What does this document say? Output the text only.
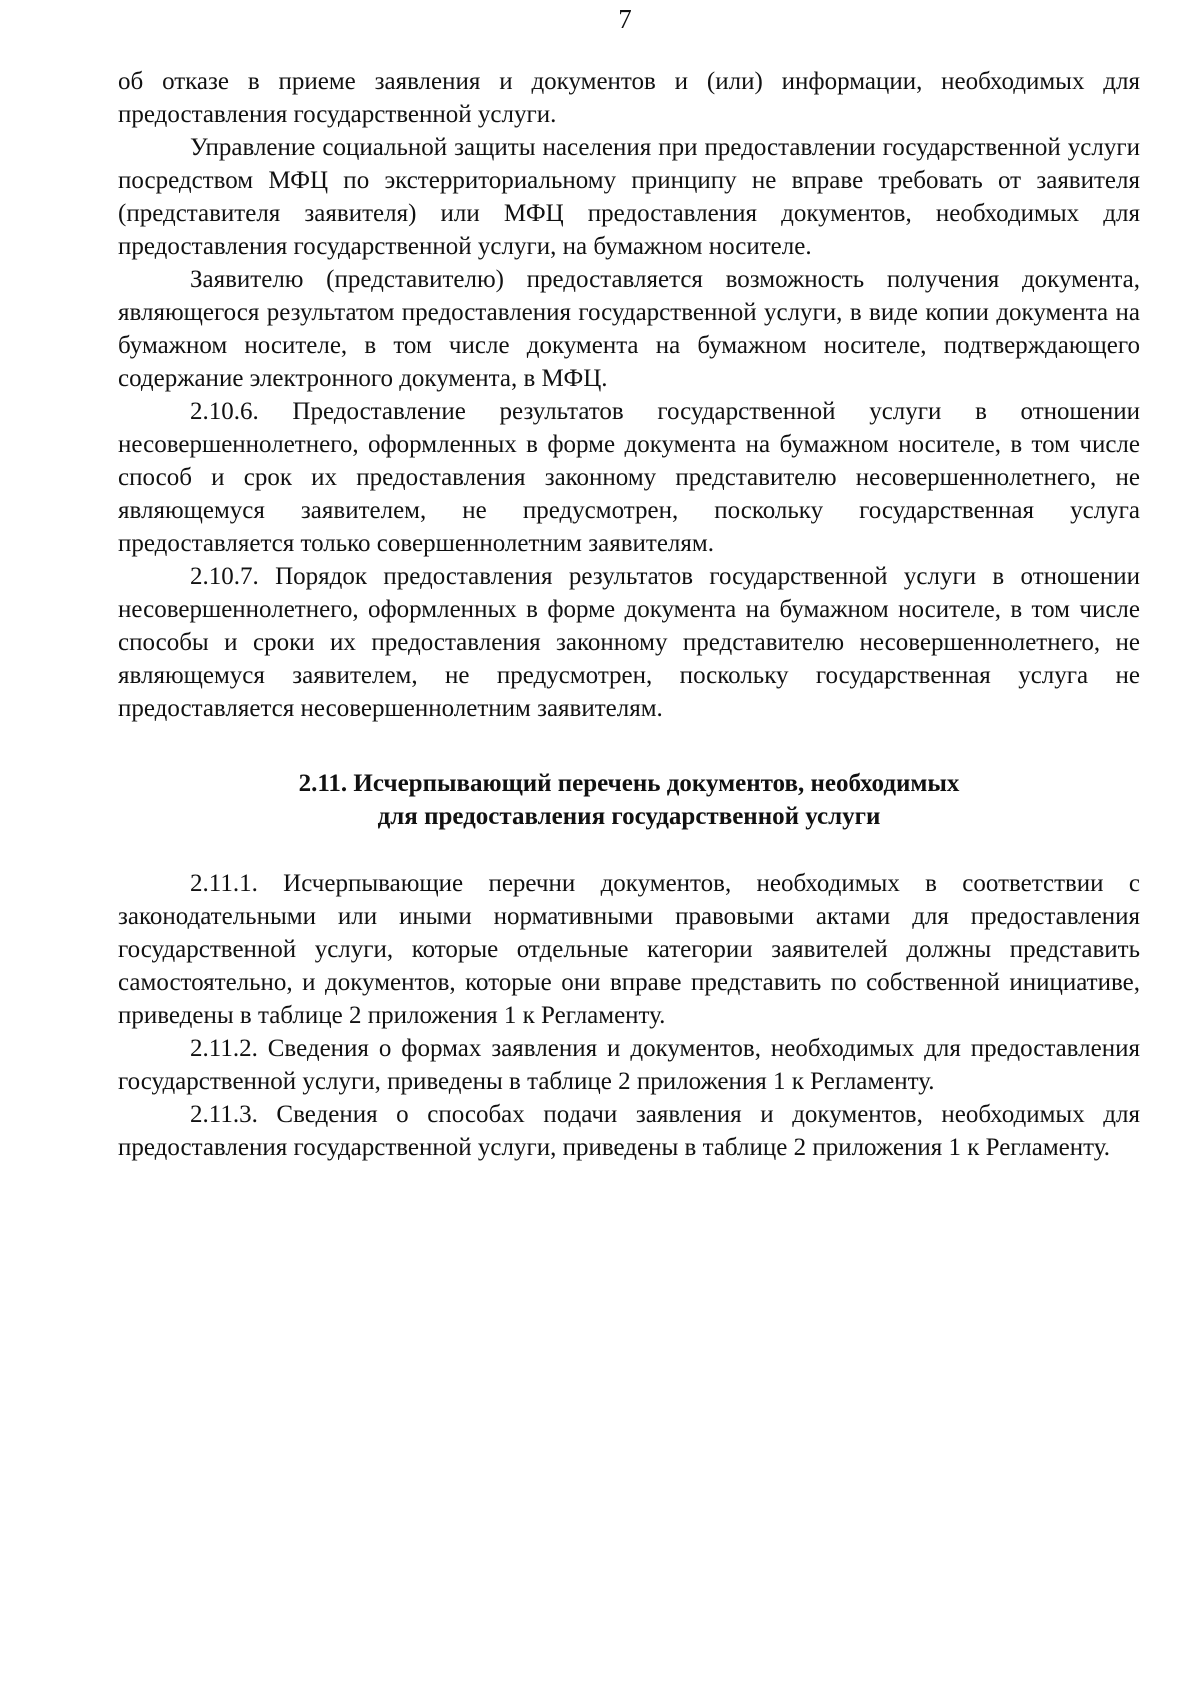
7

об отказе в приеме заявления и документов и (или) информации, необходимых для предоставления государственной услуги.

Управление социальной защиты населения при предоставлении государственной услуги посредством МФЦ по экстерриториальному принципу не вправе требовать от заявителя (представителя заявителя) или МФЦ предоставления документов, необходимых для предоставления государственной услуги, на бумажном носителе.

Заявителю (представителю) предоставляется возможность получения документа, являющегося результатом предоставления государственной услуги, в виде копии документа на бумажном носителе, в том числе документа на бумажном носителе, подтверждающего содержание электронного документа, в МФЦ.

2.10.6. Предоставление результатов государственной услуги в отношении несовершеннолетнего, оформленных в форме документа на бумажном носителе, в том числе способ и срок их предоставления законному представителю несовершеннолетнего, не являющемуся заявителем, не предусмотрен, поскольку государственная услуга предоставляется только совершеннолетним заявителям.

2.10.7. Порядок предоставления результатов государственной услуги в отношении несовершеннолетнего, оформленных в форме документа на бумажном носителе, в том числе способы и сроки их предоставления законному представителю несовершеннолетнего, не являющемуся заявителем, не предусмотрен, поскольку государственная услуга не предоставляется несовершеннолетним заявителям.

2.11. Исчерпывающий перечень документов, необходимых
для предоставления государственной услуги

2.11.1. Исчерпывающие перечни документов, необходимых в соответствии с законодательными или иными нормативными правовыми актами для предоставления государственной услуги, которые отдельные категории заявителей должны представить самостоятельно, и документов, которые они вправе представить по собственной инициативе, приведены в таблице 2 приложения 1 к Регламенту.

2.11.2. Сведения о формах заявления и документов, необходимых для предоставления государственной услуги, приведены в таблице 2 приложения 1 к Регламенту.

2.11.3. Сведения о способах подачи заявления и документов, необходимых для предоставления государственной услуги, приведены в таблице 2 приложения 1 к Регламенту.
